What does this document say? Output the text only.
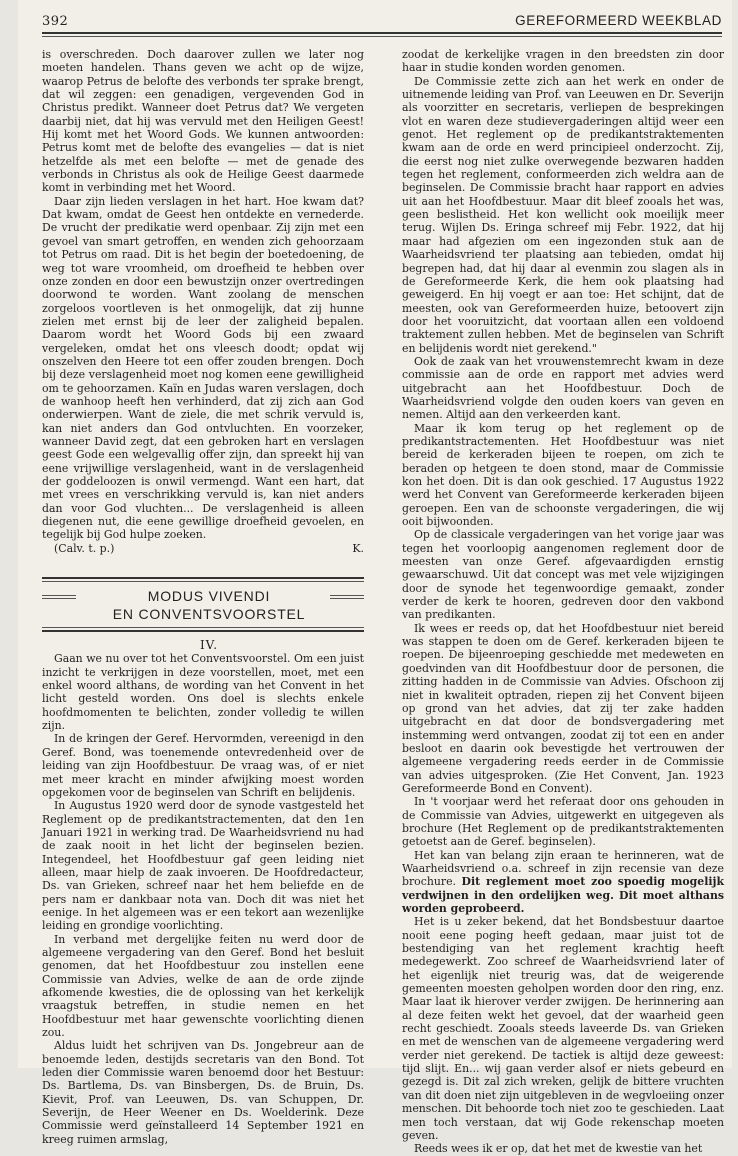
392	GEREFORMEERD WEEKBLAD

is overschreden. Doch daarover zullen we later nog moeten handelen. Thans geven we acht op de wijze, waarop Petrus de belofte des verbonds ter sprake brengt, dat wil zeggen: een genadigen, vergevenden God in Christus predikt. Wanneer doet Petrus dat? We vergeten daarbij niet, dat hij was vervuld met den Heiligen Geest! Hij komt met het Woord Gods. We kunnen antwoorden: Petrus komt met de belofte des evangelies — dat is niet hetzelfde als met een belofte — met de genade des verbonds in Christus als ook de Heilige Geest daarmede komt in verbinding met het Woord.

Daar zijn lieden verslagen in het hart. Hoe kwam dat? Dat kwam, omdat de Geest hen ontdekte en vernederde. De vrucht der predikatie werd openbaar. Zij zijn met een gevoel van smart getroffen, en wenden zich gehoorzaam tot Petrus om raad. Dit is het begin der boetedoening, de weg tot ware vroomheid, om droefheid te hebben over onze zonden en door een bewustzijn onzer overtredingen doorwond te worden. Want zoolang de menschen zorgeloos voortleven is het onmogelijk, dat zij hunne zielen met ernst bij de leer der zaligheid bepalen. Daarom wordt het Woord Gods bij een zwaard vergeleken, omdat het ons vleesch doodt; opdat wij onszelven den Heere tot een offer zouden brengen. Doch bij deze verslagenheid moet nog komen eene gewilligheid om te gehoorzamen. Kaïn en Judas waren verslagen, doch de wanhoop heeft hen verhinderd, dat zij zich aan God onderwierpen. Want de ziele, die met schrik vervuld is, kan niet anders dan God ontvluchten. En voorzeker, wanneer David zegt, dat een gebroken hart en verslagen geest Gode een welgevallig offer zijn, dan spreekt hij van eene vrijwillige verslagenheid, want in de verslagenheid der goddeloozen is onwil vermengd. Want een hart, dat met vrees en verschrikking vervuld is, kan niet anders dan voor God vluchten... De verslagenheid is alleen diegenen nut, die eene gewillige droefheid gevoelen, en tegelijk bij God hulpe zoeken.

(Calv. t. p.)	K.

MODUS VIVENDI

EN CONVENTSVOORSTEL

IV.

Gaan we nu over tot het Conventsvoorstel. Om een juist inzicht te verkrijgen in deze voorstellen, moet, met een enkel woord althans, de wording van het Convent in het licht gesteld worden. Ons doel is slechts enkele hoofdmomenten te belichten, zonder volledig te willen zijn.

In de kringen der Geref. Hervormden, vereenigd in den Geref. Bond, was toenemende ontevredenheid over de leiding van zijn Hoofdbestuur. De vraag was, of er niet met meer kracht en minder afwijking moest worden opgekomen voor de beginselen van Schrift en belijdenis.

In Augustus 1920 werd door de synode vastgesteld het Reglement op de predikantstractementen, dat den 1en Januari 1921 in werking trad. De Waarheidsvriend nu had de zaak nooit in het licht der beginselen bezien. Integendeel, het Hoofdbestuur gaf geen leiding niet alleen, maar hielp de zaak invoeren. De Hoofdredacteur, Ds. van Grieken, schreef naar het hem beliefde en de pers nam er dankbaar nota van. Doch dit was niet het eenige. In het algemeen was er een tekort aan wezenlijke leiding en grondige voorlichting.

In verband met dergelijke feiten nu werd door de algemeene vergadering van den Geref. Bond het besluit genomen, dat het Hoofdbestuur zou instellen eene Commissie van Advies, welke de aan de orde zijnde afkomende kwesties, die de oplossing van het kerkelijk vraagstuk betreffen, in studie nemen en het Hoofdbestuur met haar gewenschte voorlichting dienen zou.

Aldus luidt het schrijven van Ds. Jongebreur aan de benoemde leden, destijds secretaris van den Bond. Tot leden dier Commissie waren benoemd door het Bestuur: Ds. Bartlema, Ds. van Binsbergen, Ds. de Bruin, Ds. Kievit, Prof. van Leeuwen, Ds. van Schuppen, Dr. Severijn, de Heer Weener en Ds. Woelderink. Deze Commissie werd geïnstalleerd 14 September 1921 en kreeg ruimen armslag,

zoodat de kerkelijke vragen in den breedsten zin door haar in studie konden worden genomen.

De Commissie zette zich aan het werk en onder de uitnemende leiding van Prof. van Leeuwen en Dr. Severijn als voorzitter en secretaris, verliepen de besprekingen vlot en waren deze studievergaderingen altijd weer een genot. Het reglement op de predikantstraktementen kwam aan de orde en werd principieel onderzocht. Zij, die eerst nog niet zulke overwegende bezwaren hadden tegen het reglement, conformeerden zich weldra aan de beginselen. De Commissie bracht haar rapport en advies uit aan het Hoofdbestuur. Maar dit bleef zooals het was, geen beslistheid. Het kon wellicht ook moeilijk meer terug. Wijlen Ds. Eringa schreef mij Febr. 1922, dat hij maar had afgezien om een ingezonden stuk aan de Waarheidsvriend ter plaatsing aan tebieden, omdat hij begrepen had, dat hij daar al evenmin zou slagen als in de Gereformeerde Kerk, die hem ook plaatsing had geweigerd. En hij voegt er aan toe: Het schijnt, dat de meesten, ook van Gereformeerden huize, betoovert zijn door het vooruitzicht, dat voortaan allen een voldoend traktement zullen hebben. Met de beginselen van Schrift en belijdenis wordt niet gerekend."

Ook de zaak van het vrouwenstemrecht kwam in deze commissie aan de orde en rapport met advies werd uitgebracht aan het Hoofdbestuur. Doch de Waarheidsvriend volgde den ouden koers van geven en nemen. Altijd aan den verkeerden kant.

Maar ik kom terug op het reglement op de predikantstractementen. Het Hoofdbestuur was niet bereid de kerkeraden bijeen te roepen, om zich te beraden op hetgeen te doen stond, maar de Commissie kon het doen. Dit is dan ook geschied. 17 Augustus 1922 werd het Convent van Gereformeerde kerkeraden bijeen geroepen. Een van de schoonste vergaderingen, die wij ooit bijwoonden.

Op de classicale vergaderingen van het vorige jaar was tegen het voorloopig aangenomen reglement door de meesten van onze Geref. afgevaardigden ernstig gewaarschuwd. Uit dat concept was met vele wijzigingen door de synode het tegenwoordige gemaakt, zonder verder de kerk te hooren, gedreven door den vakbond van predikanten.

Ik wees er reeds op, dat het Hoofdbestuur niet bereid was stappen te doen om de Geref. kerkeraden bijeen te roepen. De bijeenroeping geschiedde met medeweten en goedvinden van dit Hoofdbestuur door de personen, die zitting hadden in de Commissie van Advies. Ofschoon zij niet in kwaliteit optraden, riepen zij het Convent bijeen op grond van het advies, dat zij ter zake hadden uitgebracht en dat door de bondsvergadering met instemming werd ontvangen, zoodat zij tot een en ander besloot en daarin ook bevestigde het vertrouwen der algemeene vergadering reeds eerder in de Commissie van advies uitgesproken. (Zie Het Convent, Jan. 1923 Gereformeerde Bond en Convent).

In 't voorjaar werd het referaat door ons gehouden in de Commissie van Advies, uitgewerkt en uitgegeven als brochure (Het Reglement op de predikantstraktementen getoetst aan de Geref. beginselen).

Het kan van belang zijn eraan te herinneren, wat de Waarheidsvriend o.a. schreef in zijn recensie van deze brochure. Dit reglement moet zoo spoedig mogelijk verdwijnen in den ordelijken weg. Dit moet althans worden geprobeerd.

Het is u zeker bekend, dat het Bondsbestuur daartoe nooit eene poging heeft gedaan, maar juist tot de bestendiging van het reglement krachtig heeft medegewerkt. Zoo schreef de Waarheidsvriend later of het eigenlijk niet treurig was, dat de weigerende gemeenten moesten geholpen worden door den ring, enz. Maar laat ik hierover verder zwijgen. De herinnering aan al deze feiten wekt het gevoel, dat der waarheid geen recht geschiedt. Zooals steeds laveerde Ds. van Grieken en met de wenschen van de algemeene vergadering werd verder niet gerekend. De tactiek is altijd deze geweest: tijd slijt. En... wij gaan verder alsof er niets gebeurd en gezegd is. Dit zal zich wreken, gelijk de bittere vruchten van dit doen niet zijn uitgebleven in de wegvloeiing onzer menschen. Dit behoorde toch niet zoo te geschieden. Laat men toch verstaan, dat wij Gode rekenschap moeten geven.

Reeds wees ik er op, dat het met de kwestie van het
